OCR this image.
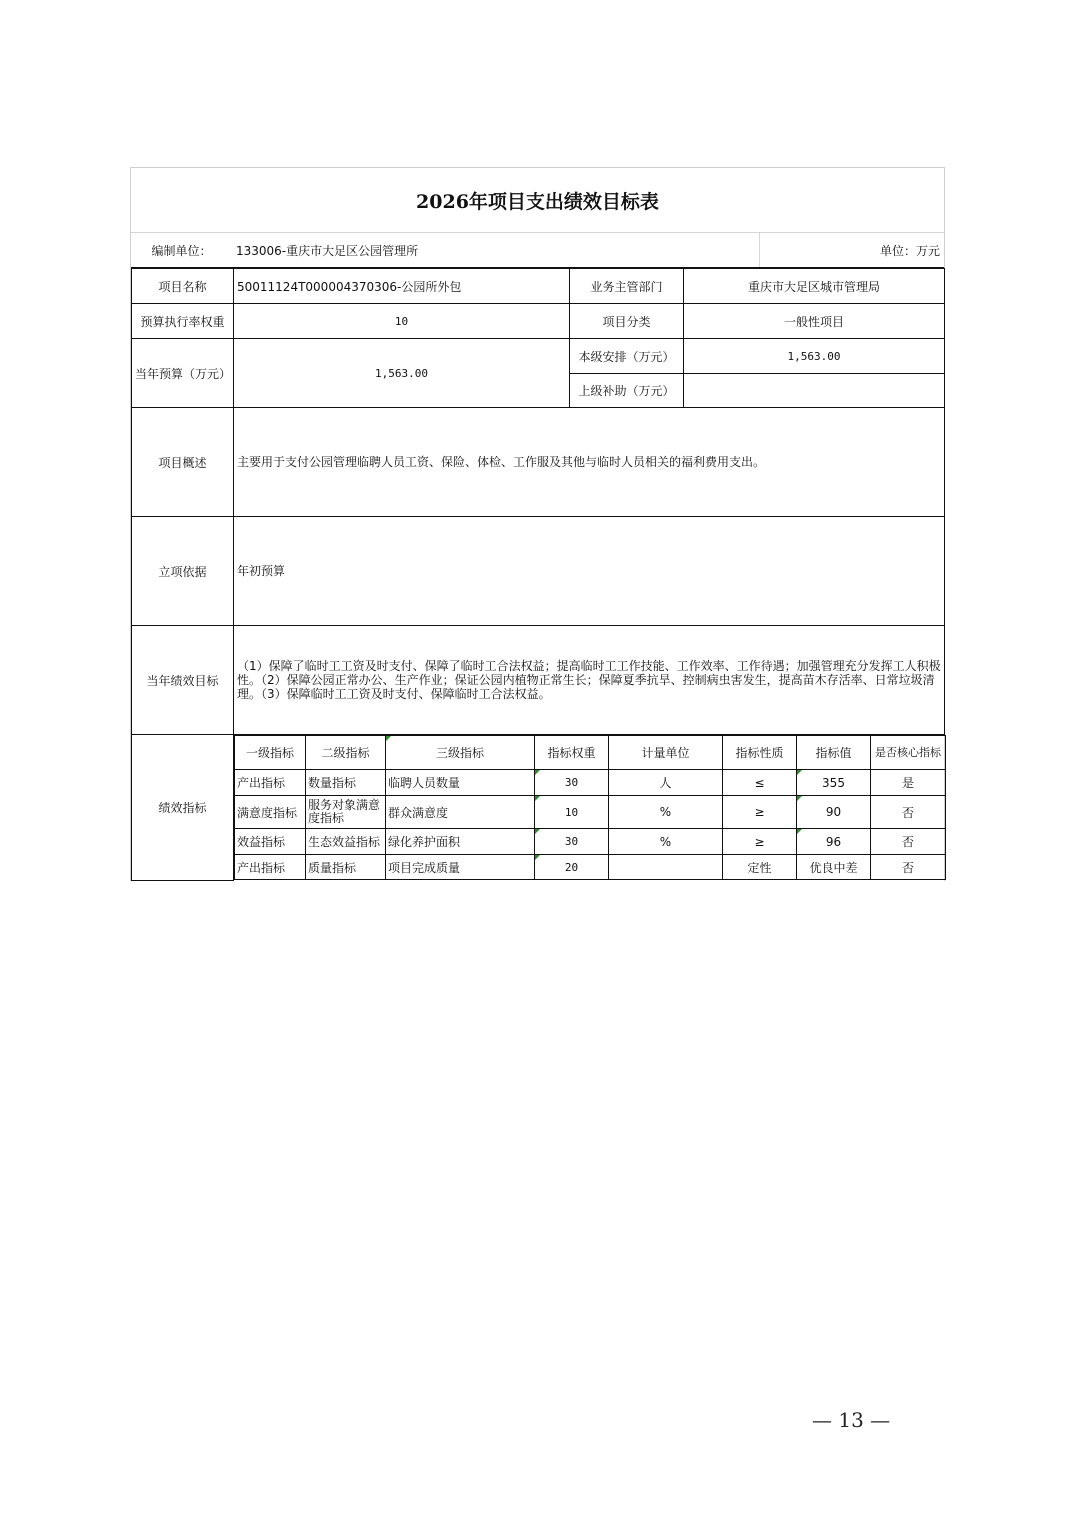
2026年项目支出绩效目标表
编制单位：	133006-重庆市大足区公园管理所	单位：万元
项目名称	50011124T000004370306-公园所外包	业务主管部门	重庆市大足区城市管理局
预算执行率权重	10	项目分类	一般性项目
当年预算（万元）	1,563.00	本级安排（万元）	1,563.00
上级补助（万元）	
项目概述	主要用于支付公园管理临聘人员工资、保险、体检、工作服及其他与临时人员相关的福利费用支出。
立项依据	年初预算
当年绩效目标	（1）保障了临时工工资及时支付、保障了临时工合法权益；提高临时工工作技能、工作效率、工作待遇；加强管理充分发挥工人积极性。（2）保障公园正常办公、生产作业；保证公园内植物正常生长；保障夏季抗旱、控制病虫害发生，提高苗木存活率、日常垃圾清理。（3）保障临时工工资及时支付、保障临时工合法权益。
绩效指标	
一级指标	二级指标	三级指标	指标权重	计量单位	指标性质	指标值	是否核心指标
产出指标	数量指标	临聘人员数量	30	人	≤	355	是
满意度指标	服务对象满意度指标	群众满意度	10	%	≥	90	否
效益指标	生态效益指标	绿化养护面积	30	%	≥	96	否
产出指标	质量指标	项目完成质量	20		定性	优良中差	否
— 13 —
